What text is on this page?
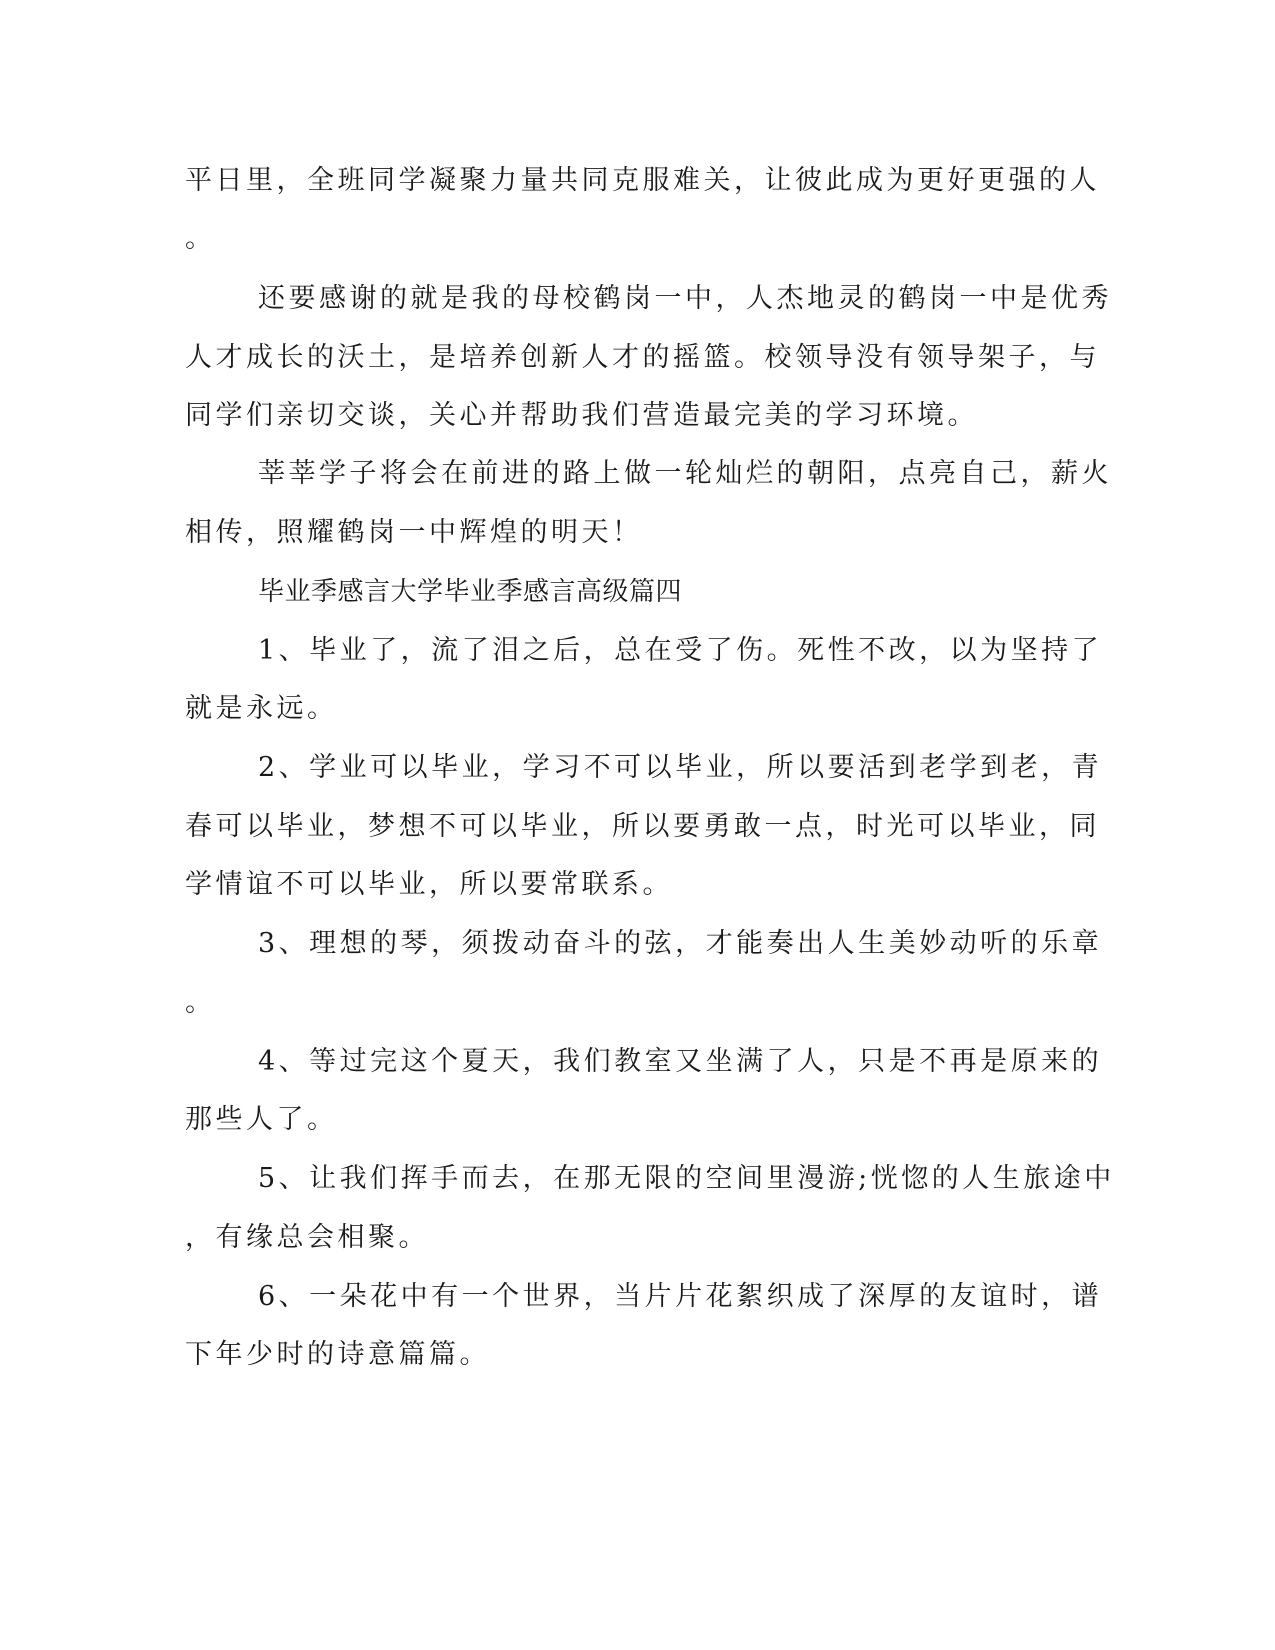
平日里，全班同学凝聚力量共同克服难关，让彼此成为更好更强的人
。
还要感谢的就是我的母校鹤岗一中，人杰地灵的鹤岗一中是优秀
人才成长的沃土，是培养创新人才的摇篮。校领导没有领导架子，与
同学们亲切交谈，关心并帮助我们营造最完美的学习环境。
莘莘学子将会在前进的路上做一轮灿烂的朝阳，点亮自己，薪火
相传，照耀鹤岗一中辉煌的明天！
毕业季感言大学毕业季感言高级篇四
1、毕业了，流了泪之后，总在受了伤。死性不改，以为坚持了
就是永远。
2、学业可以毕业，学习不可以毕业，所以要活到老学到老，青
春可以毕业，梦想不可以毕业，所以要勇敢一点，时光可以毕业，同
学情谊不可以毕业，所以要常联系。
3、理想的琴，须拨动奋斗的弦，才能奏出人生美妙动听的乐章
。
4、等过完这个夏天，我们教室又坐满了人，只是不再是原来的
那些人了。
5、让我们挥手而去，在那无限的空间里漫游;恍惚的人生旅途中
，有缘总会相聚。
6、一朵花中有一个世界，当片片花絮织成了深厚的友谊时，谱
下年少时的诗意篇篇。
